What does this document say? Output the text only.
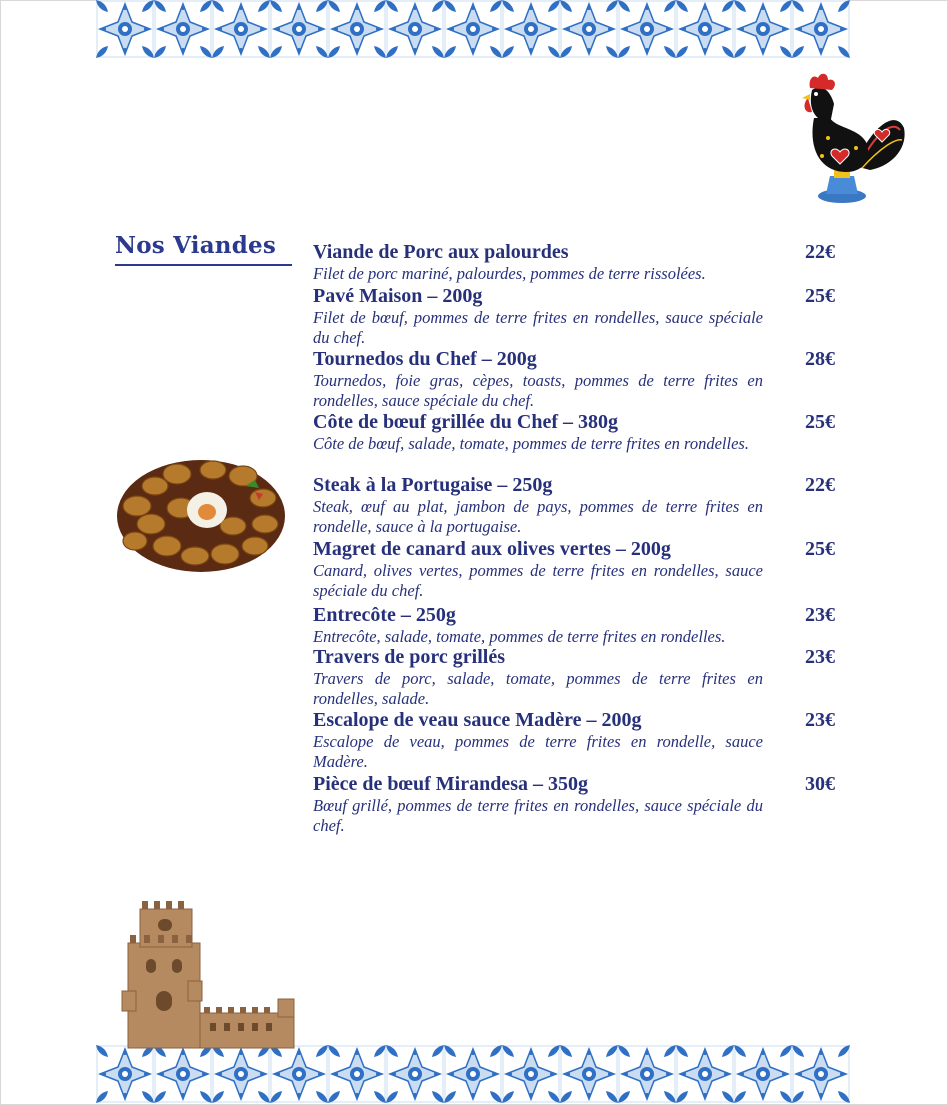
Nos Viandes Viande de Porc aux palourdes	22€
Filet de porc mariné, palourdes, pommes de terre rissolées.
Pavé Maison – 200g	25€
Filet de bœuf, pommes de terre frites en rondelles, sauce spéciale du chef.
Tournedos du Chef – 200g	28€
Tournedos, foie gras, cèpes, toasts, pommes de terre frites en rondelles, sauce spéciale du chef.
Côte de bœuf grillée du Chef – 380g	25€
Côte de bœuf, salade, tomate, pommes de terre frites en rondelles.
Steak à la Portugaise – 250g	22€
Steak, œuf au plat, jambon de pays, pommes de terre frites en rondelle, sauce à la portugaise.
Magret de canard aux olives vertes – 200g	25€
Canard, olives vertes, pommes de terre frites en rondelles, sauce spéciale du chef.
Entrecôte – 250g	23€
Entrecôte, salade, tomate, pommes de terre frites en rondelles.
Travers de porc grillés	23€
Travers de porc, salade, tomate, pommes de terre frites en rondelles, salade.
Escalope de veau sauce Madère – 200g	23€
Escalope de veau, pommes de terre frites en rondelle, sauce Madère.
Pièce de bœuf Mirandesa – 350g	30€
Bœuf grillé, pommes de terre frites en rondelles, sauce spéciale du chef.
